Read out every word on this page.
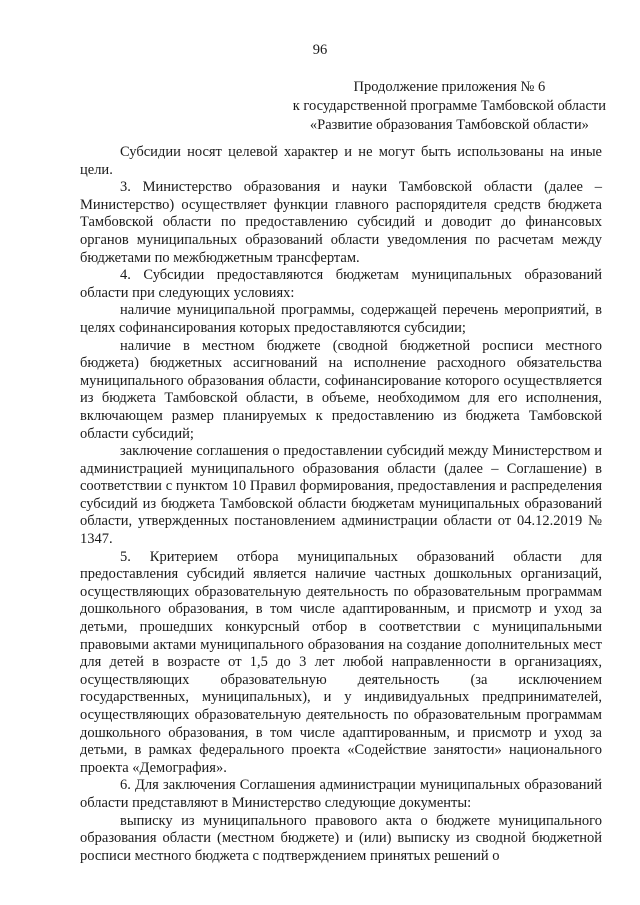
96
Продолжение приложения № 6
к государственной программе Тамбовской области
«Развитие образования Тамбовской области»

Субсидии носят целевой характер и не могут быть использованы на иные цели.

3. Министерство образования и науки Тамбовской области (далее – Министерство) осуществляет функции главного распорядителя средств бюджета Тамбовской области по предоставлению субсидий и доводит до финансовых органов муниципальных образований области уведомления по расчетам между бюджетами по межбюджетным трансфертам.

4. Субсидии предоставляются бюджетам муниципальных образований области при следующих условиях:

наличие муниципальной программы, содержащей перечень мероприятий, в целях софинансирования которых предоставляются субсидии;

наличие в местном бюджете (сводной бюджетной росписи местного бюджета) бюджетных ассигнований на исполнение расходного обязательства муниципального образования области, софинансирование которого осуществляется из бюджета Тамбовской области, в объеме, необходимом для его исполнения, включающем размер планируемых к предоставлению из бюджета Тамбовской области субсидий;

заключение соглашения о предоставлении субсидий между Министерством и администрацией муниципального образования области (далее – Соглашение) в соответствии с пунктом 10 Правил формирования, предоставления и распределения субсидий из бюджета Тамбовской области бюджетам муниципальных образований области, утвержденных постановлением администрации области от 04.12.2019 № 1347.

5. Критерием отбора муниципальных образований области для предоставления субсидий является наличие частных дошкольных организаций, осуществляющих образовательную деятельность по образовательным программам дошкольного образования, в том числе адаптированным, и присмотр и уход за детьми, прошедших конкурсный отбор в соответствии с муниципальными правовыми актами муниципального образования на создание дополнительных мест для детей в возрасте от 1,5 до 3 лет любой направленности в организациях, осуществляющих образовательную деятельность (за исключением государственных, муниципальных), и у индивидуальных предпринимателей, осуществляющих образовательную деятельность по образовательным программам дошкольного образования, в том числе адаптированным, и присмотр и уход за детьми, в рамках федерального проекта «Содействие занятости» национального проекта «Демография».

6. Для заключения Соглашения администрации муниципальных образований области представляют в Министерство следующие документы:

выписку из муниципального правового акта о бюджете муниципального образования области (местном бюджете) и (или) выписку из сводной бюджетной росписи местного бюджета с подтверждением принятых решений о
